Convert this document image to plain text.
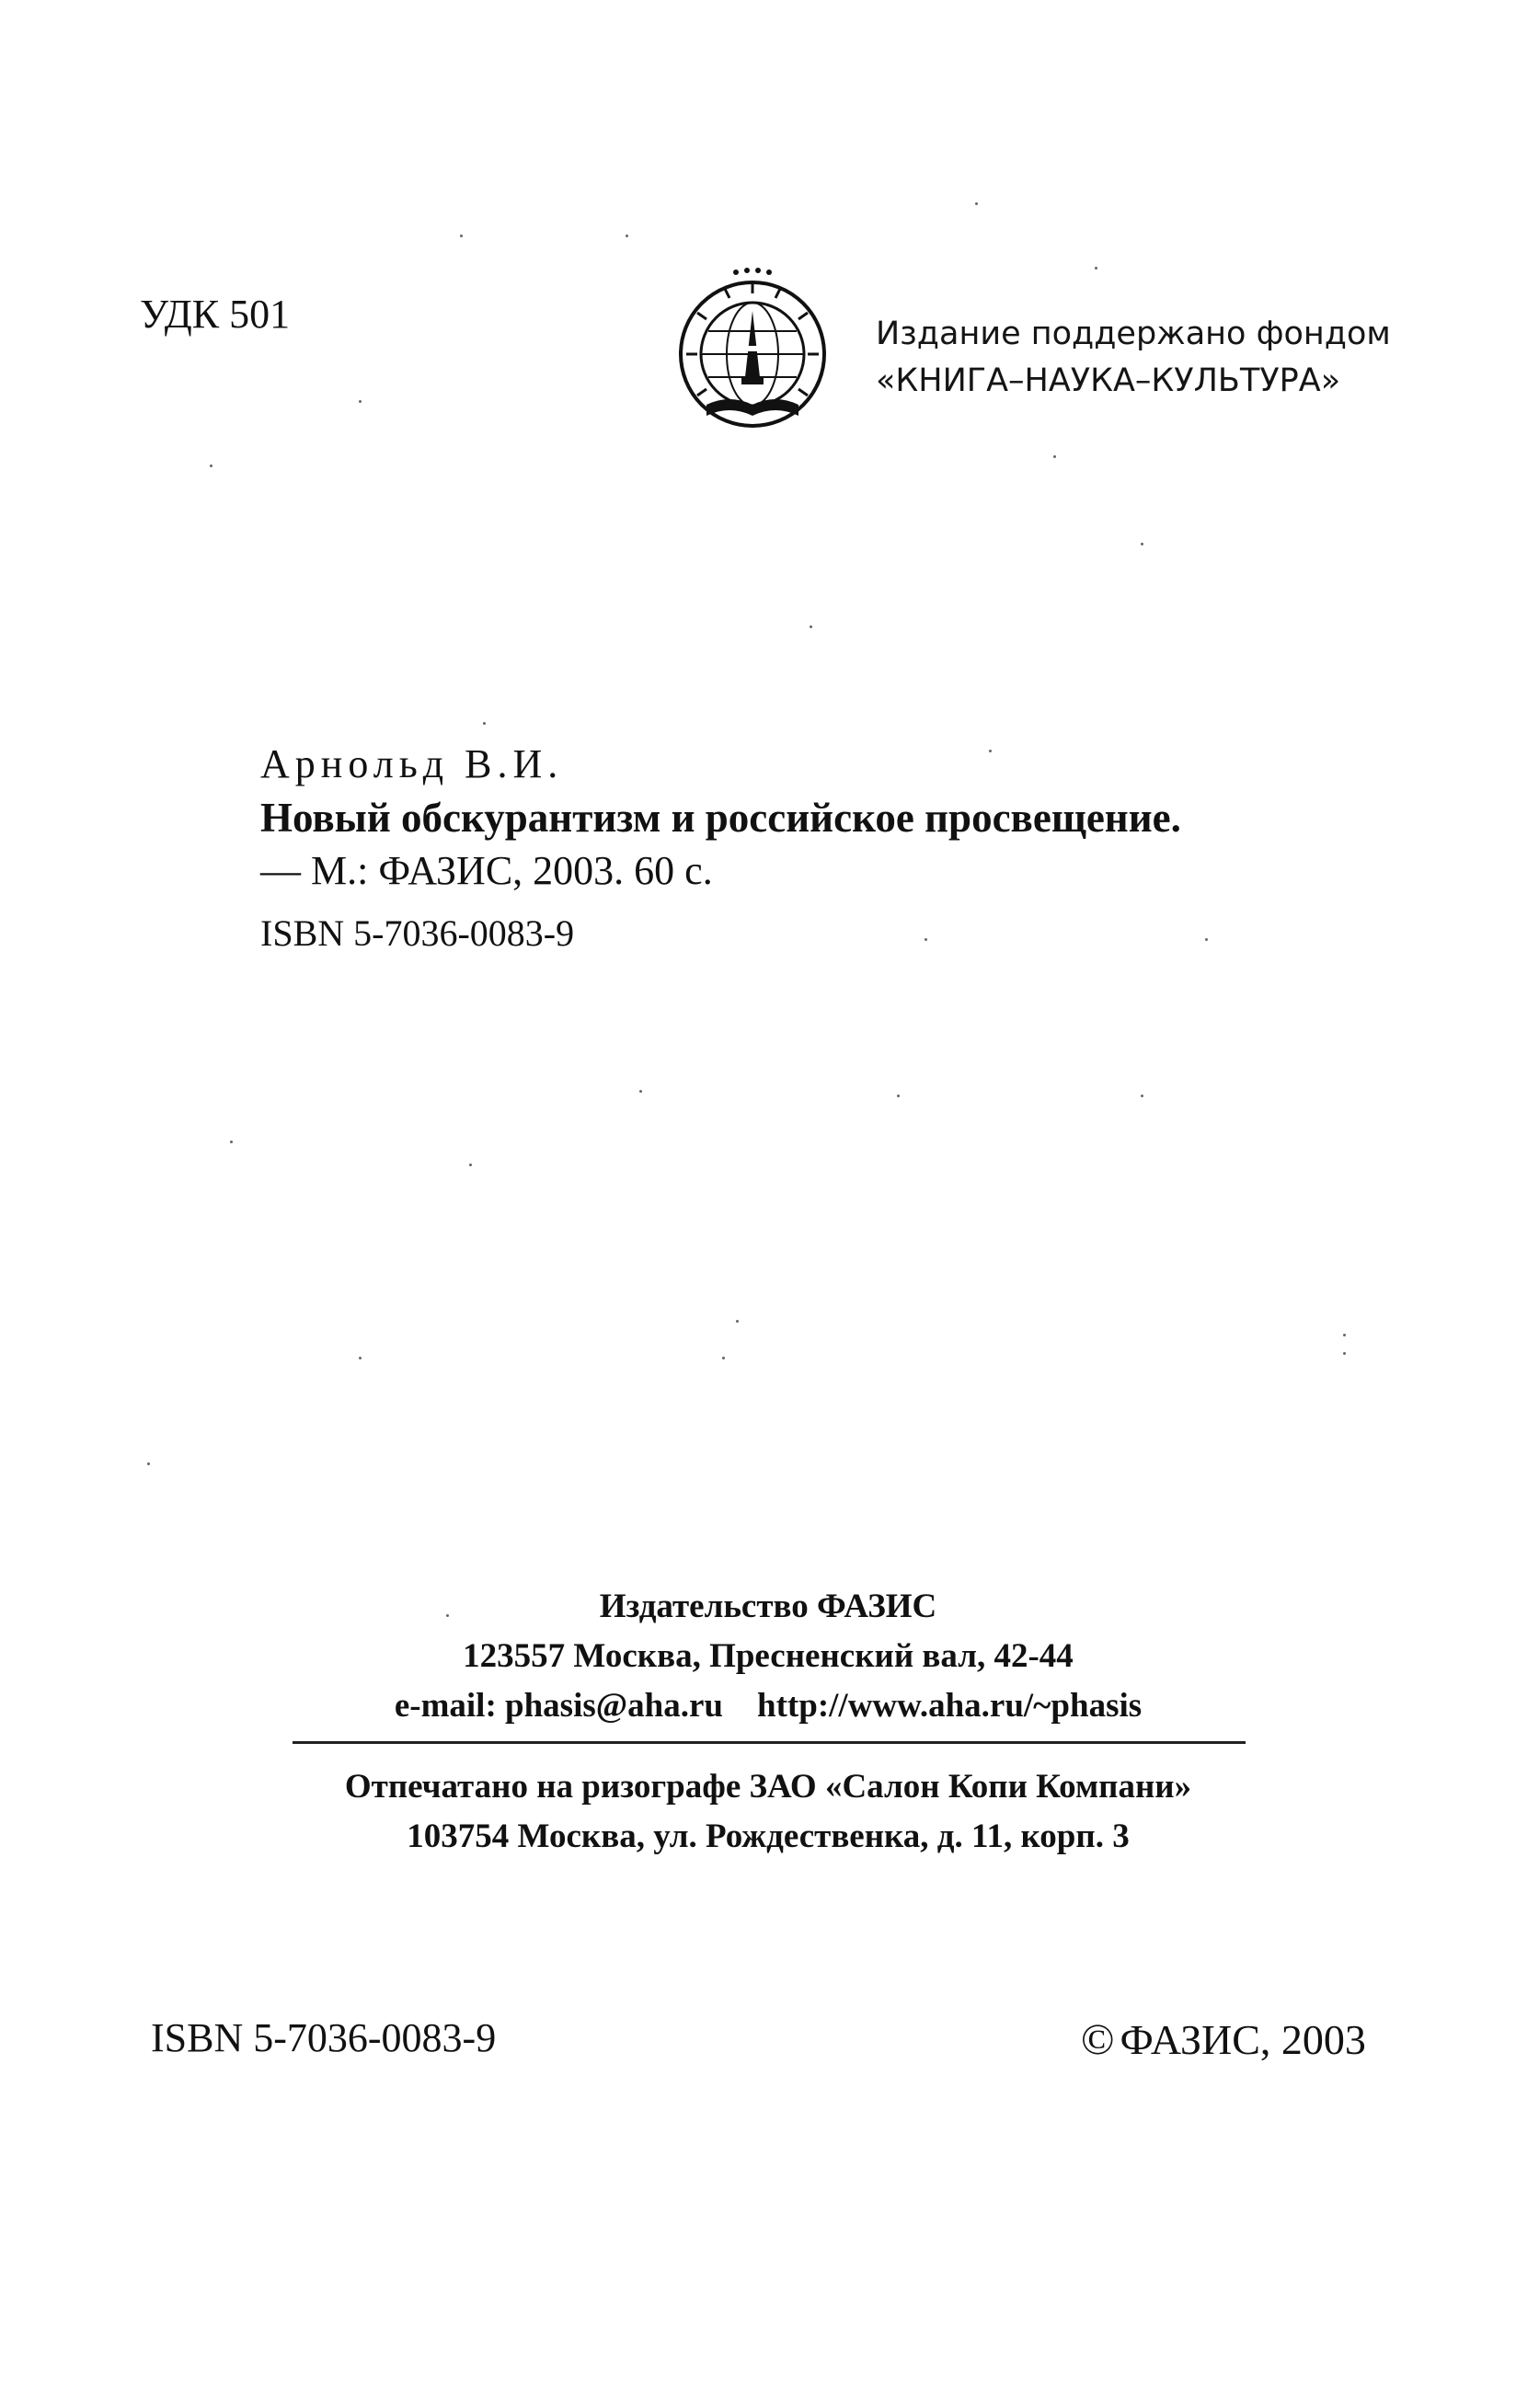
УДК 501	Издание поддержано фондом
«КНИГА–НАУКА–КУЛЬТУРА»
Арнольд В.И.
Новый обскурантизм и российское просвещение.
— М.: ФАЗИС, 2003. 60 с.
ISBN 5-7036-0083-9
Издательство ФАЗИС
123557 Москва, Пресненский вал, 42-44
e-mail: phasis@aha.ru http://www.aha.ru/~phasis
Отпечатано на ризографе ЗАО «Салон Копи Компани»
103754 Москва, ул. Рождественка, д. 11, корп. 3
ISBN 5-7036-0083-9	© ФАЗИС, 2003
